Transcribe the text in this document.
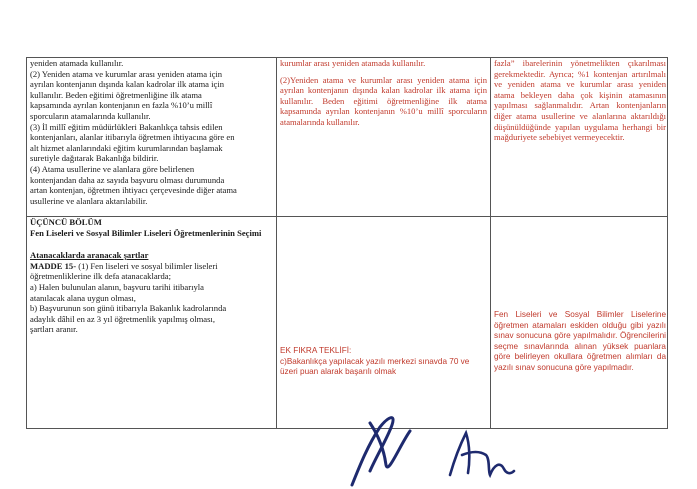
yeniden atamada kullanılır.

(2) Yeniden atama ve kurumlar arası yeniden atama için

ayrılan kontenjanın dışında kalan kadrolar ilk atama için

kullanılır. Beden eğitimi öğretmenliğine ilk atama

kapsamında ayrılan kontenjanın en fazla %10’u millî

sporcuların atamalarında kullanılır.

(3) İl millî eğitim müdürlükleri Bakanlıkça tahsis edilen

kontenjanları, alanlar itibarıyla öğretmen ihtiyacına göre en

alt hizmet alanlarındaki eğitim kurumlarından başlamak

suretiyle dağıtarak Bakanlığa bildirir.

(4) Atama usullerine ve alanlara göre belirlenen

kontenjandan daha az sayıda başvuru olması durumunda

artan kontenjan, öğretmen ihtiyacı çerçevesinde diğer atama

usullerine ve alanlara aktarılabilir.

ÜÇÜNCÜ BÖLÜM

Fen Liseleri ve Sosyal Bilimler Liseleri Öğretmenlerinin Seçimi

Atanacaklarda aranacak şartlar

MADDE 15- (1) Fen liseleri ve sosyal bilimler liseleri

öğretmenliklerine ilk defa atanacaklarda;

a) Halen bulunulan alanın, başvuru tarihi itibarıyla

atanılacak alana uygun olması,

b) Başvurunun son günü itibarıyla Bakanlık kadrolarında

adaylık dâhil en az 3 yıl öğretmenlik yapılmış olması,

şartları aranır.

kurumlar arası yeniden atamada kullanılır.

(2)Yeniden atama ve kurumlar arası yeniden atama için ayrılan kontenjanın dışında kalan kadrolar ilk atama için kullanılır. Beden eğitimi öğretmenliğine ilk atama kapsamında ayrılan kontenjanın %10’u millî sporcuların atamalarında kullanılır.

EK FIKRA TEKLİFİ:

c)Bakanlıkça yapılacak yazılı merkezi sınavda 70 ve üzeri puan alarak başarılı olmak

fazla” ibarelerinin yönetmelikten çıkarılması gerekmektedir. Ayrıca; %1 kontenjan artırılmalı ve yeniden atama ve kurumlar arası yeniden atama bekleyen daha çok kişinin atamasının yapılması sağlanmalıdır. Artan kontenjanların diğer atama usullerine ve alanlarına aktarıldığı düşünüldüğünde yapılan uygulama herhangi bir mağduriyete sebebiyet vermeyecektir.

Fen Liseleri ve Sosyal Bilimler Liselerine öğretmen atamaları eskiden olduğu gibi yazılı sınav sonucuna göre yapılmalıdır. Öğrencilerini seçme sınavlarında alınan yüksek puanlara göre belirleyen okullara öğretmen alımları da yazılı sınav sonucuna göre yapılmadır.
